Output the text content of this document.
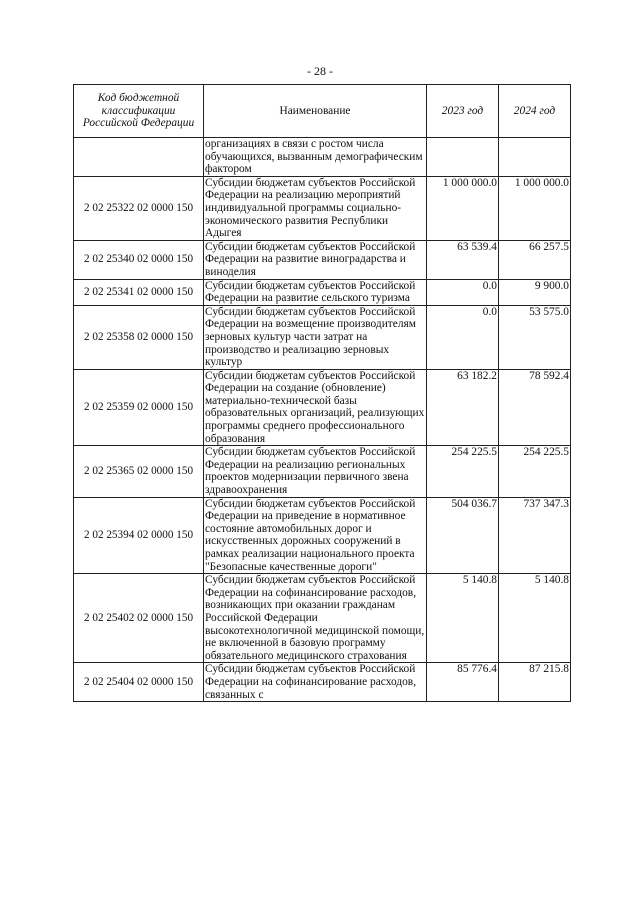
- 28 -
Код бюджетной классификации Российской Федерации	Наименование	2023 год	2024 год
	организациях в связи с ростом числа обучающихся, вызванным демографическим фактором		
2 02 25322 02 0000 150	Субсидии бюджетам субъектов Российской Федерации на реализацию мероприятий индивидуальной программы социально-экономического развития Республики Адыгея	1 000 000.0	1 000 000.0
2 02 25340 02 0000 150	Субсидии бюджетам субъектов Российской Федерации на развитие виноградарства и виноделия	63 539.4	66 257.5
2 02 25341 02 0000 150	Субсидии бюджетам субъектов Российской Федерации на развитие сельского туризма	0.0	9 900.0
2 02 25358 02 0000 150	Субсидии бюджетам субъектов Российской Федерации на возмещение производителям зерновых культур части затрат на производство и реализацию зерновых культур	0.0	53 575.0
2 02 25359 02 0000 150	Субсидии бюджетам субъектов Российской Федерации на создание (обновление) материально-технической базы образовательных организаций, реализующих программы среднего профессионального образования	63 182.2	78 592.4
2 02 25365 02 0000 150	Субсидии бюджетам субъектов Российской Федерации на реализацию региональных проектов модернизации первичного звена здравоохранения	254 225.5	254 225.5
2 02 25394 02 0000 150	Субсидии бюджетам субъектов Российской Федерации на приведение в нормативное состояние автомобильных дорог и искусственных дорожных сооружений в рамках реализации национального проекта "Безопасные качественные дороги"	504 036.7	737 347.3
2 02 25402 02 0000 150	Субсидии бюджетам субъектов Российской Федерации на софинансирование расходов, возникающих при оказании гражданам Российской Федерации высокотехнологичной медицинской помощи, не включенной в базовую программу обязательного медицинского страхования	5 140.8	5 140.8
2 02 25404 02 0000 150	Субсидии бюджетам субъектов Российской Федерации на софинансирование расходов, связанных с	85 776.4	87 215.8
